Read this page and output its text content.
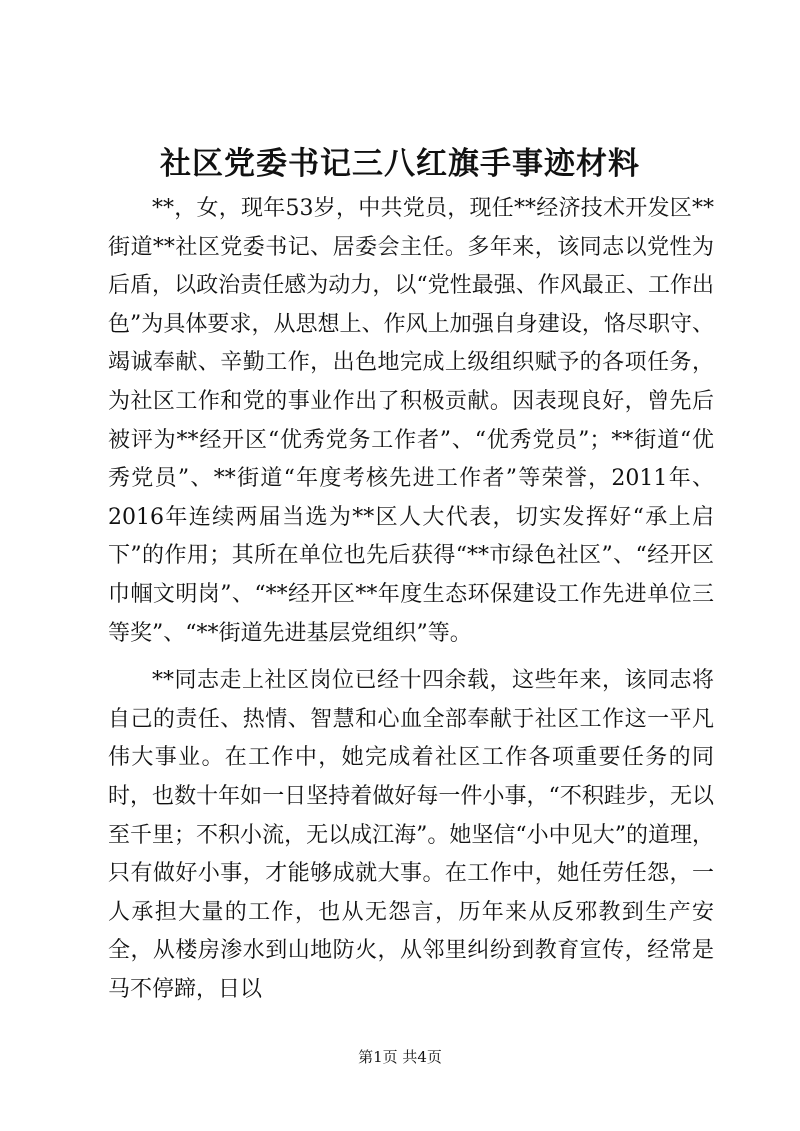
社区党委书记三八红旗手事迹材料

**，女，现年53岁，中共党员，现任**经济技术开发区**街道**社区党委书记、居委会主任。多年来，该同志以党性为后盾，以政治责任感为动力，以“党性最强、作风最正、工作出色”为具体要求，从思想上、作风上加强自身建设，恪尽职守、竭诚奉献、辛勤工作，出色地完成上级组织赋予的各项任务，为社区工作和党的事业作出了积极贡献。因表现良好，曾先后被评为**经开区“优秀党务工作者”、“优秀党员”；**街道“优秀党员”、**街道“年度考核先进工作者”等荣誉，2011年、2016年连续两届当选为**区人大代表，切实发挥好“承上启下”的作用；其所在单位也先后获得“**市绿色社区”、“经开区巾帼文明岗”、“**经开区**年度生态环保建设工作先进单位三等奖”、“**街道先进基层党组织”等。

**同志走上社区岗位已经十四余载，这些年来，该同志将自己的责任、热情、智慧和心血全部奉献于社区工作这一平凡伟大事业。在工作中，她完成着社区工作各项重要任务的同时，也数十年如一日坚持着做好每一件小事，“不积跬步，无以至千里；不积小流，无以成江海”。她坚信“小中见大”的道理，只有做好小事，才能够成就大事。在工作中，她任劳任怨，一人承担大量的工作，也从无怨言，历年来从反邪教到生产安全，从楼房渗水到山地防火，从邻里纠纷到教育宣传，经常是马不停蹄，日以

第1页 共4页
